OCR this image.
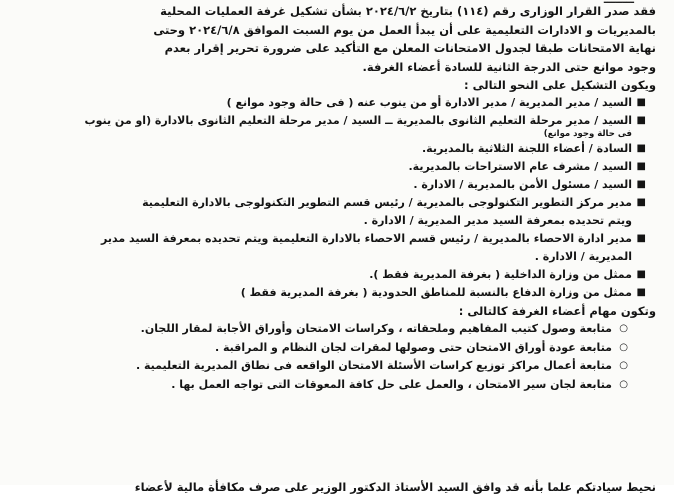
فقد صدر القرار الوزارى رقم (١١٤) بتاريخ ٢٠٢٤/٦/٢ بشأن تشكيل غرفة العمليات المحلية

بالمديريات و الادارات التعليمية على أن يبدأ العمل من يوم السبت الموافق ٢٠٢٤/٦/٨ وحتى

نهاية الامتحانات طبقا لجدول الامتحانات المعلن مع التأكيد على ضرورة تحرير إقرار بعدم

وجود موانع حتى الدرجة الثانية للسادة أعضاء الغرفة.

ويكون التشكيل على النحو التالى :

■
السيد / مدير المديرية / مدير الادارة أو من ينوب عنه ( فى حالة وجود موانع )
■
السيد / مدير مرحلة التعليم الثانوى بالمديرية ــ السيد / مدير مرحلة التعليم الثانوى بالادارة (او من ينوب
فى حالة وجود موانع)
■
السادة / أعضاء اللجنة الثلاثية بالمديرية.
■
السيد / مشرف عام الاستراحات بالمديرية.
■
السيد / مسئول الأمن بالمديرية / الادارة .
■
مدير مركز التطوير التكنولوجى بالمديرية / رئيس قسم التطوير التكنولوجى بالادارة التعليمية
ويتم تحديده بمعرفة السيد مدير المديرية / الادارة .
■
مدير ادارة الاحصاء بالمديرية / رئيس قسم الاحصاء بالادارة التعليمية ويتم تحديده بمعرفة السيد مدير
المديرية / الادارة .
■
ممثل من وزارة الداخلية ( بغرفة المديرية فقط ).
■
ممثل من وزارة الدفاع بالنسبة للمناطق الحدودية ( بغرفة المديرية فقط )

وتكون مهام أعضاء الغرفة كالتالى :

○
متابعة وصول كتيب المفاهيم وملحقاته ، وكراسات الامتحان وأوراق الأجابة لمقار اللجان.
○
متابعة عودة أوراق الامتحان حتى وصولها لمقرات لجان النظام و المراقبة .
○
متابعة أعمال مراكز توزيع كراسات الأسئلة الامتحان الواقعه فى نطاق المديرية التعليمية .
○
متابعة لجان سير الامتحان ، والعمل على حل كافة المعوقات التى تواجه العمل بها .
نحيط سيادتكم علما بأنه قد وافق السيد الأستاذ الدكتور الوزير على صرف مكافأة مالية لأعضاء
